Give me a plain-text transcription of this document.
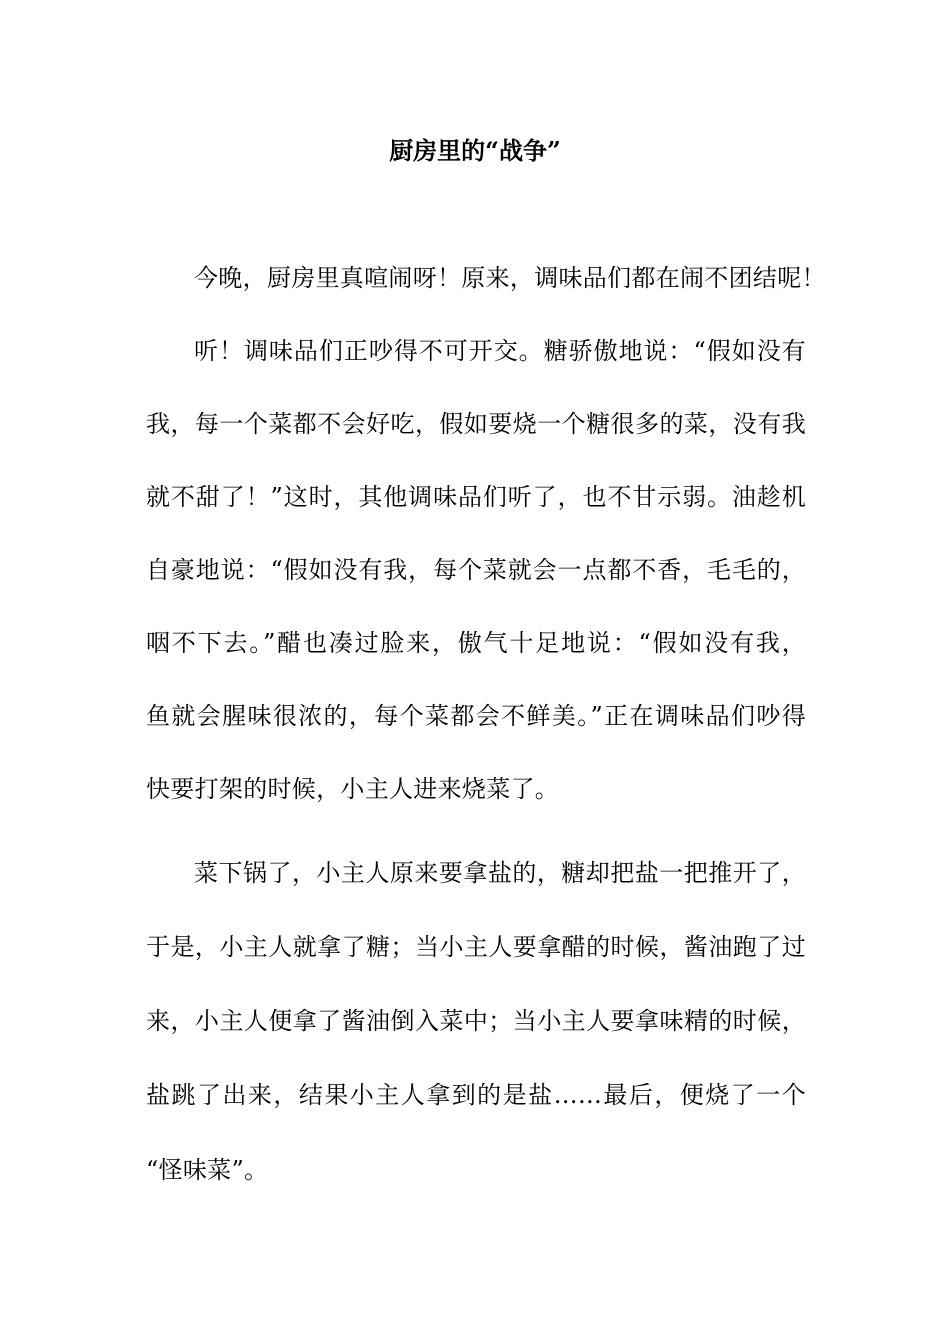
厨房里的“战争”
今晚，厨房里真喧闹呀！原来，调味品们都在闹不团结呢！
听！调味品们正吵得不可开交。糖骄傲地说：“假如没有
我，每一个菜都不会好吃，假如要烧一个糖很多的菜，没有我
就不甜了！”这时，其他调味品们听了，也不甘示弱。油趁机
自豪地说：“假如没有我，每个菜就会一点都不香，毛毛的，
咽不下去。”醋也凑过脸来，傲气十足地说：“假如没有我，
鱼就会腥味很浓的，每个菜都会不鲜美。”正在调味品们吵得
快要打架的时候，小主人进来烧菜了。
菜下锅了，小主人原来要拿盐的，糖却把盐一把推开了，
于是，小主人就拿了糖；当小主人要拿醋的时候，酱油跑了过
来，小主人便拿了酱油倒入菜中；当小主人要拿味精的时候，
盐跳了出来，结果小主人拿到的是盐……最后，便烧了一个
“怪味菜”。
